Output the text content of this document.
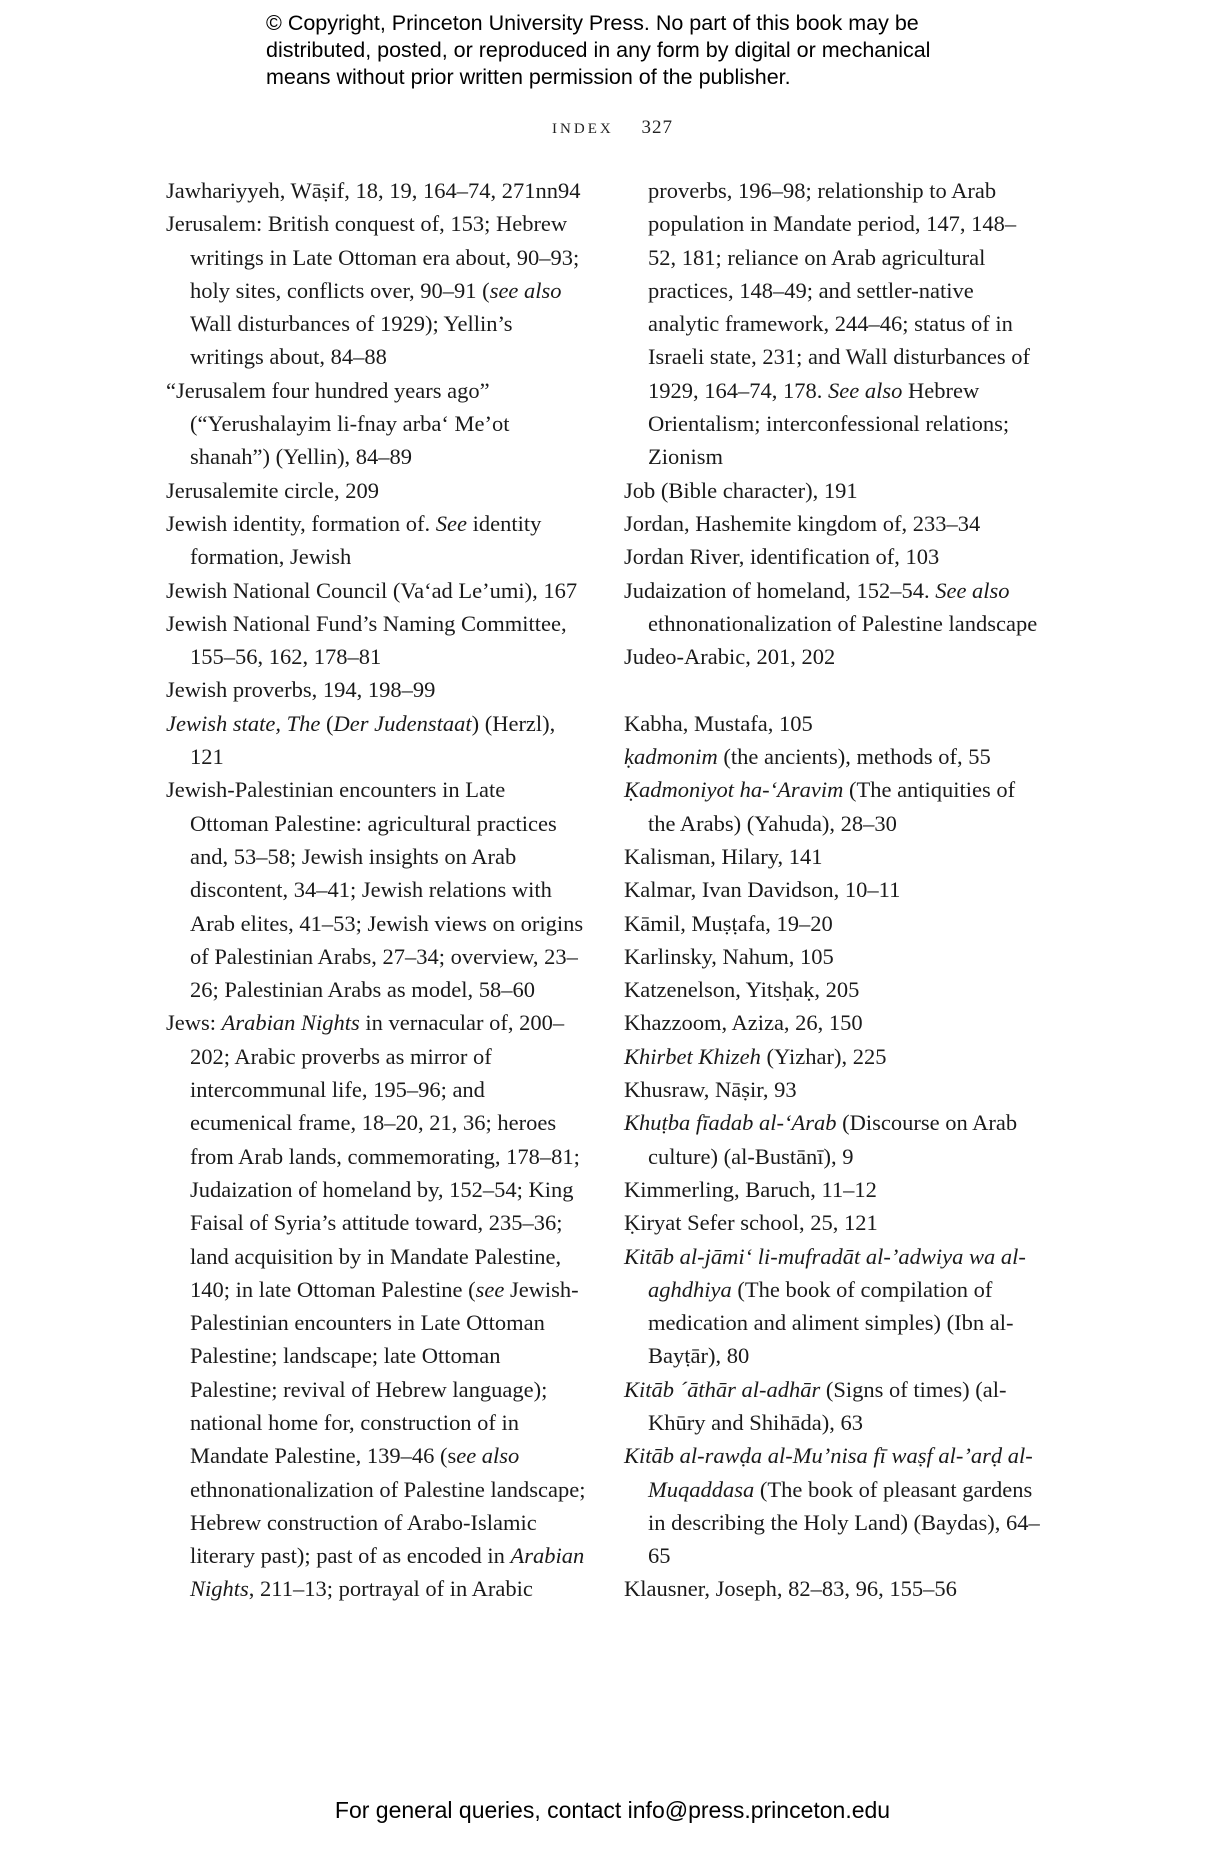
© Copyright, Princeton University Press. No part of this book may be
distributed, posted, or reproduced in any form by digital or mechanical
means without prior written permission of the publisher.
index 327

Jawhariyyeh, Wāṣif, 18, 19, 164–74, 271nn94

Jerusalem: British conquest of, 153; Hebrew writings in Late Ottoman era about, 90–93; holy sites, conflicts over, 90–91 (see also Wall disturbances of 1929); Yellin’s writings about, 84–88

“Jerusalem four hundred years ago” (“Yerushalayim li-fnay arba‘ Me’ot shanah”) (Yellin), 84–89

Jerusalemite circle, 209

Jewish identity, formation of. See identity formation, Jewish

Jewish National Council (Va‘ad Le’umi), 167

Jewish National Fund’s Naming Committee, 155–56, 162, 178–81

Jewish proverbs, 194, 198–99

Jewish state, The (Der Judenstaat) (Herzl), 121

Jewish-Palestinian encounters in Late Ottoman Palestine: agricultural practices and, 53–58; Jewish insights on Arab discontent, 34–41; Jewish relations with Arab elites, 41–53; Jewish views on origins of Palestinian Arabs, 27–34; overview, 23–26; Palestinian Arabs as model, 58–60

Jews: Arabian Nights in vernacular of, 200–202; Arabic proverbs as mirror of intercommunal life, 195–96; and ecumenical frame, 18–20, 21, 36; heroes from Arab lands, commemorating, 178–81; Judaization of homeland by, 152–54; King Faisal of Syria’s attitude toward, 235–36; land acquisition by in Mandate Palestine, 140; in late Ottoman Palestine (see Jewish-Palestinian encounters in Late Ottoman Palestine; landscape; late Ottoman Palestine; revival of Hebrew language); national home for, construction of in Mandate Palestine, 139–46 (see also ethnonationalization of Palestine landscape; Hebrew construction of Arabo-Islamic literary past); past of as encoded in Arabian Nights, 211–13; portrayal of in Arabic

proverbs, 196–98; relationship to Arab population in Mandate period, 147, 148–52, 181; reliance on Arab agricultural practices, 148–49; and settler-native analytic framework, 244–46; status of in Israeli state, 231; and Wall disturbances of 1929, 164–74, 178. See also Hebrew Orientalism; interconfessional relations; Zionism

Job (Bible character), 191

Jordan, Hashemite kingdom of, 233–34

Jordan River, identification of, 103

Judaization of homeland, 152–54. See also ethnonationalization of Palestine landscape

Judeo-Arabic, 201, 202

Kabha, Mustafa, 105

ḳadmonim (the ancients), methods of, 55

Ḳadmoniyot ha-‘Aravim (The antiquities of the Arabs) (Yahuda), 28–30

Kalisman, Hilary, 141

Kalmar, Ivan Davidson, 10–11

Kāmil, Muṣṭafa, 19–20

Karlinsky, Nahum, 105

Katzenelson, Yitsḥaḳ, 205

Khazzoom, Aziza, 26, 150

Khirbet Khizeh (Yizhar), 225

Khusraw, Nāṣir, 93

Khuṭba fīadab al-‘Arab (Discourse on Arab culture) (al-Bustānī), 9

Kimmerling, Baruch, 11–12

Ḳiryat Sefer school, 25, 121

Kitāb al-jāmi‘ li-mufradāt al-’adwiya wa al-aghdhiya (The book of compilation of medication and aliment simples) (Ibn al-Bayṭār), 80

Kitāb ´āthār al-adhār (Signs of times) (al-Khūry and Shihāda), 63

Kitāb al-rawḍa al-Mu’nisa fī waṣf al-’arḍ al-Muqaddasa (The book of pleasant gardens in describing the Holy Land) (Baydas), 64–65

Klausner, Joseph, 82–83, 96, 155–56

For general queries, contact info@press.princeton.edu
